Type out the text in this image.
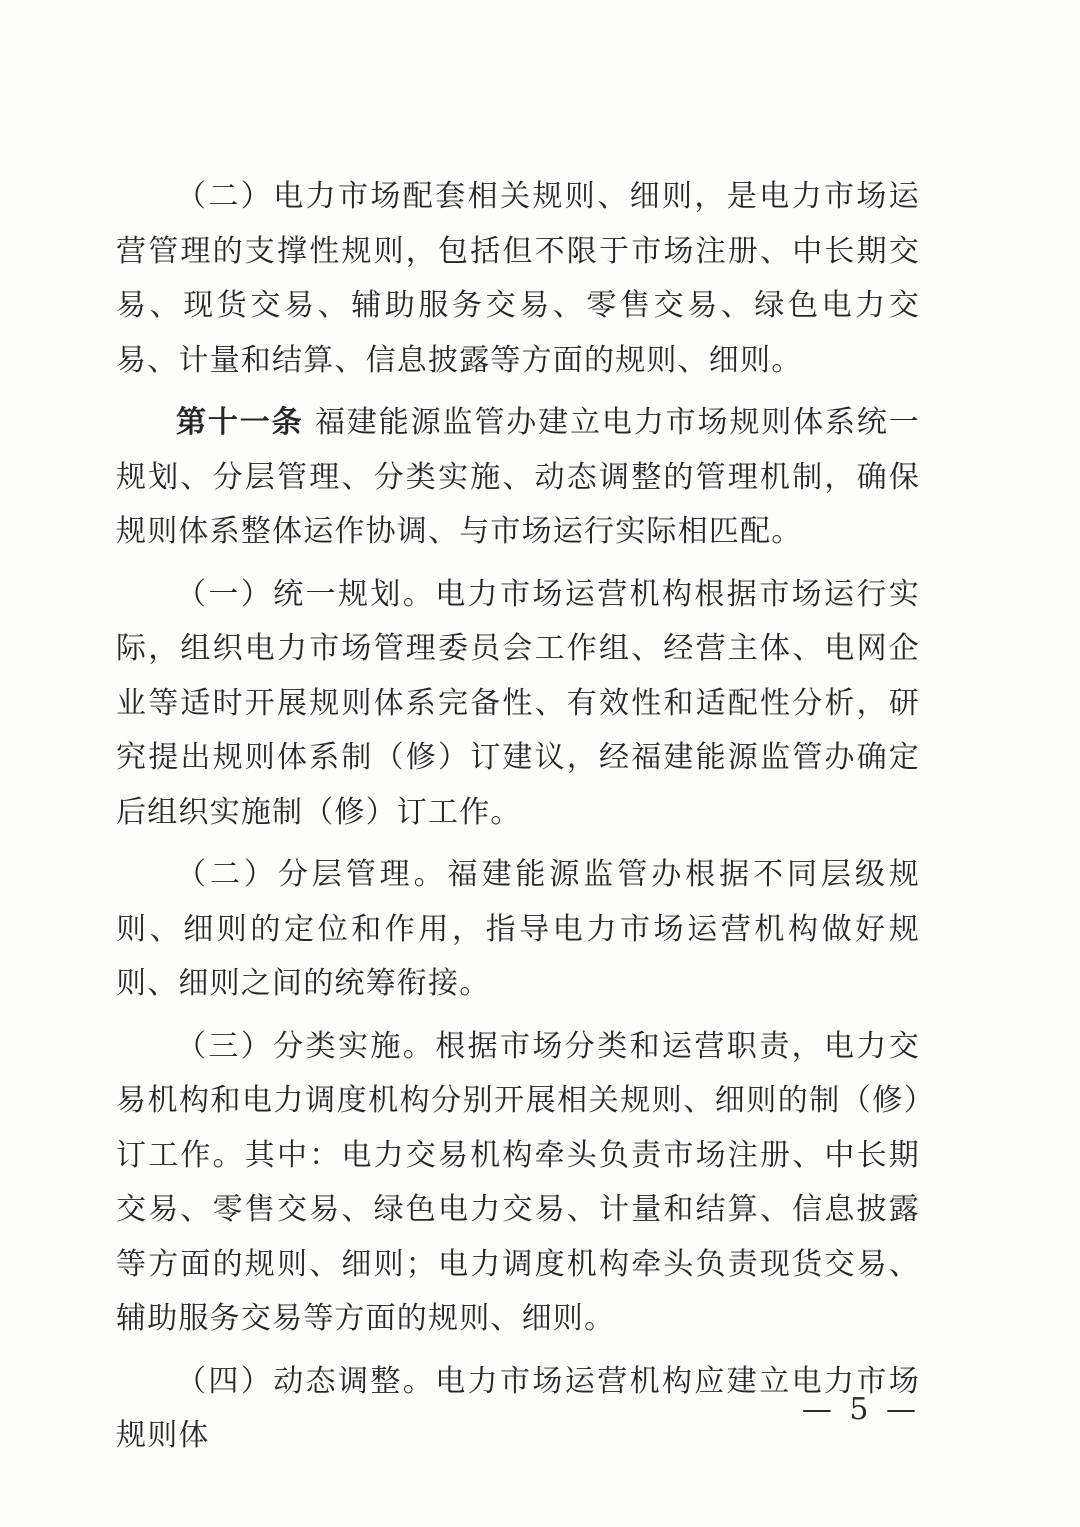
（二）电力市场配套相关规则、细则，是电力市场运营管理的支撑性规则，包括但不限于市场注册、中长期交易、现货交易、辅助服务交易、零售交易、绿色电力交易、计量和结算、信息披露等方面的规则、细则。

第十一条 福建能源监管办建立电力市场规则体系统一规划、分层管理、分类实施、动态调整的管理机制，确保规则体系整体运作协调、与市场运行实际相匹配。

（一）统一规划。电力市场运营机构根据市场运行实际，组织电力市场管理委员会工作组、经营主体、电网企业等适时开展规则体系完备性、有效性和适配性分析，研究提出规则体系制（修）订建议，经福建能源监管办确定后组织实施制（修）订工作。

（二）分层管理。福建能源监管办根据不同层级规则、细则的定位和作用，指导电力市场运营机构做好规则、细则之间的统筹衔接。

（三）分类实施。根据市场分类和运营职责，电力交易机构和电力调度机构分别开展相关规则、细则的制（修）订工作。其中：电力交易机构牵头负责市场注册、中长期交易、零售交易、绿色电力交易、计量和结算、信息披露等方面的规则、细则；电力调度机构牵头负责现货交易、辅助服务交易等方面的规则、细则。

（四）动态调整。电力市场运营机构应建立电力市场规则体

— 5 —
